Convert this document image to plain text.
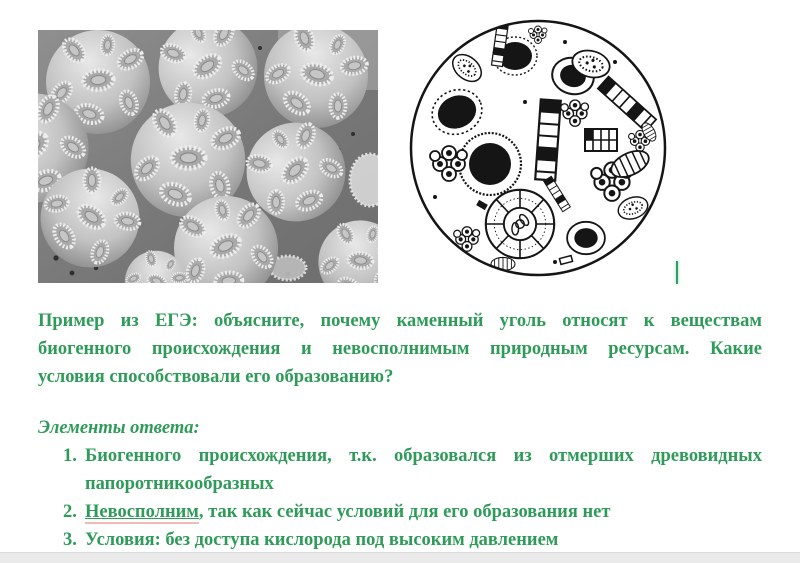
Пример из ЕГЭ: объясните, почему каменный уголь относят к веществам
биогенного происхождения и невосполнимым природным ресурсам. Какие
условия способствовали его образованию?
Элементы ответа:
1. Биогенного происхождения, т.к. образовался из отмерших древовидных
папоротникообразных
2. Невосполним, так как сейчас условий для его образования нет
3. Условия: без доступа кислорода под высоким давлением
